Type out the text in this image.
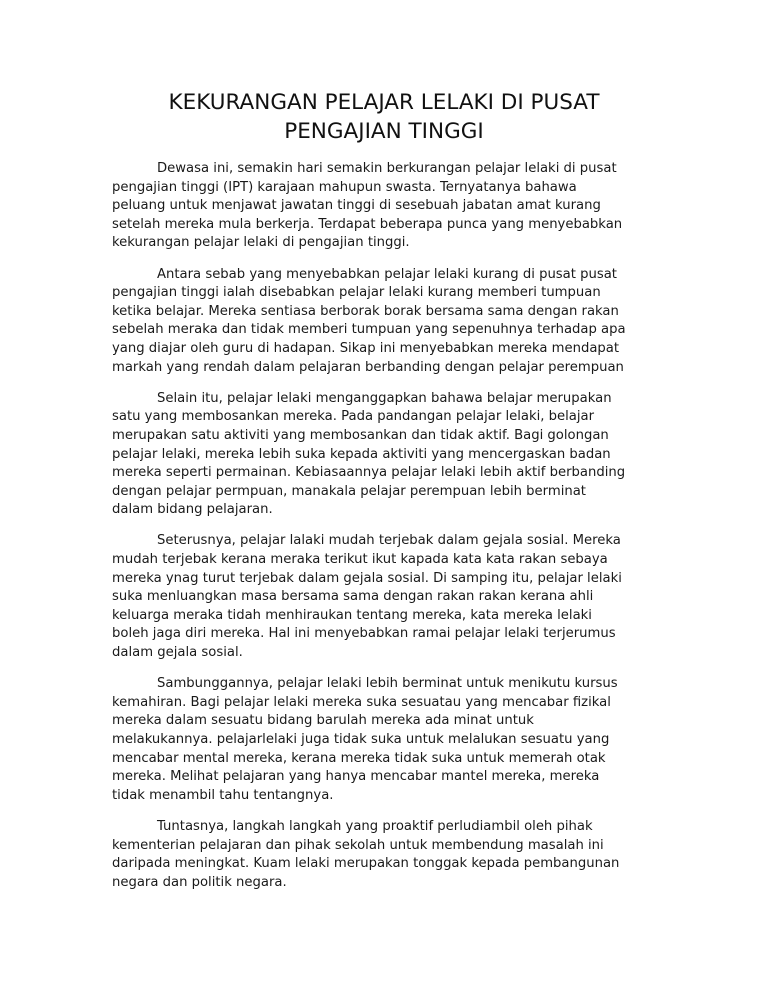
KEKURANGAN PELAJAR LELAKI DI PUSAT
PENGAJIAN TINGGI

Dewasa ini, semakin hari semakin berkurangan pelajar lelaki di pusat
pengajian tinggi (IPT) karajaan mahupun swasta. Ternyatanya bahawa
peluang untuk menjawat jawatan tinggi di sesebuah jabatan amat kurang
setelah mereka mula berkerja. Terdapat beberapa punca yang menyebabkan
kekurangan pelajar lelaki di pengajian tinggi.

Antara sebab yang menyebabkan pelajar lelaki kurang di pusat pusat
pengajian tinggi ialah disebabkan pelajar lelaki kurang memberi tumpuan
ketika belajar. Mereka sentiasa berborak borak bersama sama dengan rakan
sebelah meraka dan tidak memberi tumpuan yang sepenuhnya terhadap apa
yang diajar oleh guru di hadapan. Sikap ini menyebabkan mereka mendapat
markah yang rendah dalam pelajaran berbanding dengan pelajar perempuan

Selain itu, pelajar lelaki menganggapkan bahawa belajar merupakan
satu yang membosankan mereka. Pada pandangan pelajar lelaki, belajar
merupakan satu aktiviti yang membosankan dan tidak aktif. Bagi golongan
pelajar lelaki, mereka lebih suka kepada aktiviti yang mencergaskan badan
mereka seperti permainan. Kebiasaannya pelajar lelaki lebih aktif berbanding
dengan pelajar permpuan, manakala pelajar perempuan lebih berminat
dalam bidang pelajaran.

Seterusnya, pelajar lalaki mudah terjebak dalam gejala sosial. Mereka
mudah terjebak kerana meraka terikut ikut kapada kata kata rakan sebaya
mereka ynag turut terjebak dalam gejala sosial. Di samping itu, pelajar lelaki
suka menluangkan masa bersama sama dengan rakan rakan kerana ahli
keluarga meraka tidah menhiraukan tentang mereka, kata mereka lelaki
boleh jaga diri mereka. Hal ini menyebabkan ramai pelajar lelaki terjerumus
dalam gejala sosial.

Sambunggannya, pelajar lelaki lebih berminat untuk menikutu kursus
kemahiran. Bagi pelajar lelaki mereka suka sesuatau yang mencabar fizikal
mereka dalam sesuatu bidang barulah mereka ada minat untuk
melakukannya. pelajarlelaki juga tidak suka untuk melalukan sesuatu yang
mencabar mental mereka, kerana mereka tidak suka untuk memerah otak
mereka. Melihat pelajaran yang hanya mencabar mantel mereka, mereka
tidak menambil tahu tentangnya.

Tuntasnya, langkah langkah yang proaktif perludiambil oleh pihak
kementerian pelajaran dan pihak sekolah untuk membendung masalah ini
daripada meningkat. Kuam lelaki merupakan tonggak kepada pembangunan
negara dan politik negara.
